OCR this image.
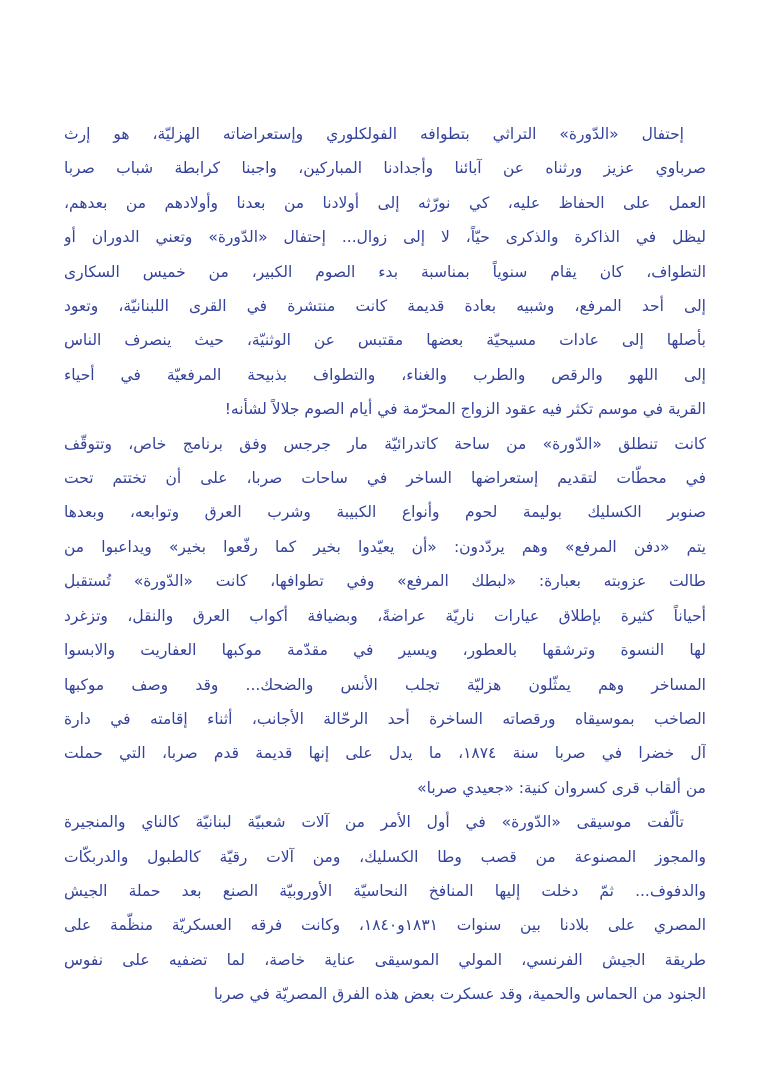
إحتفال «الدّورة» التراثي بتطوافه الفولكلوري وإستعراضاته الهزليّة، هو إرث
صرباوي عزيز ورثناه عن آبائنا وأجدادنا المباركين، واجبنا كرابطة شباب صربا
العمل على الحفاظ عليه، كي نورّثه إلى أولادنا من بعدنا وأولادهم من بعدهم،
ليظل في الذاكرة والذكرى حيّاً، لا إلى زوال... إحتفال «الدّورة» وتعني الدوران أو
التطواف، كان يقام سنوياً بمناسبة بدء الصوم الكبير، من خميس السكارى
إلى أحد المرفع، وشبيه بعادة قديمة كانت منتشرة في القرى اللبنانيّة، وتعود
بأصلها إلى عادات مسيحيّة بعضها مقتبس عن الوثنيّة، حيث ينصرف الناس
إلى اللهو والرقص والطرب والغناء، والتطواف بذبيحة المرفعيّة في أحياء
القرية في موسم تكثر فيه عقود الزواج المحرّمة في أيام الصوم جلالاً لشأنه!
كانت تنطلق «الدّورة» من ساحة كاتدرائيّة مار جرجس وفق برنامج خاص، وتتوقّف
في محطّات لتقديم إستعراضها الساخر في ساحات صربا، على أن تختتم تحت
صنوبر الكسليك بوليمة لحوم وأنواع الكبيبة وشرب العرق وتوابعه، وبعدها
يتم «دفن المرفع» وهم يردّدون: «أن يعيّدوا بخير كما رفّعوا بخير» ويداعبوا من
طالت عزوبته بعبارة: «لبطك المرفع» وفي تطوافها، كانت «الدّورة» تُستقبل
أحياناً كثيرة بإطلاق عيارات ناريّة عراضةً، وبضيافة أكواب العرق والنقل، وتزغرد
لها النسوة وترشقها بالعطور، ويسير في مقدّمة موكبها العفاريت والابسوا
المساخر وهم يمثّلون هزليّة تجلب الأنس والضحك... وقد وصف موكبها
الصاخب بموسيقاه ورقصاته الساخرة أحد الرحّالة الأجانب، أثناء إقامته في دارة
آل خضرا في صربا سنة ١٨٧٤، ما يدل على إنها قديمة قدم صربا، التي حملت
من ألقاب قرى كسروان كنية: «جعيدي صربا»
تألّفت موسيقى «الدّورة» في أول الأمر من آلات شعبيّة لبنانيّة كالناي والمنجيرة
والمجوز المصنوعة من قصب وطا الكسليك، ومن آلات رقيّة كالطبول والدربكّات
والدفوف... ثمّ دخلت إليها المنافخ النحاسيّة الأوروبيّة الصنع بعد حملة الجيش
المصري على بلادنا بين سنوات ١٨٣١و١٨٤٠، وكانت فرقه العسكريّة منظّمة على
طريقة الجيش الفرنسي، المولي الموسيقى عناية خاصة، لما تضفيه على نفوس
الجنود من الحماس والحمية، وقد عسكرت بعض هذه الفرق المصريّة في صربا
